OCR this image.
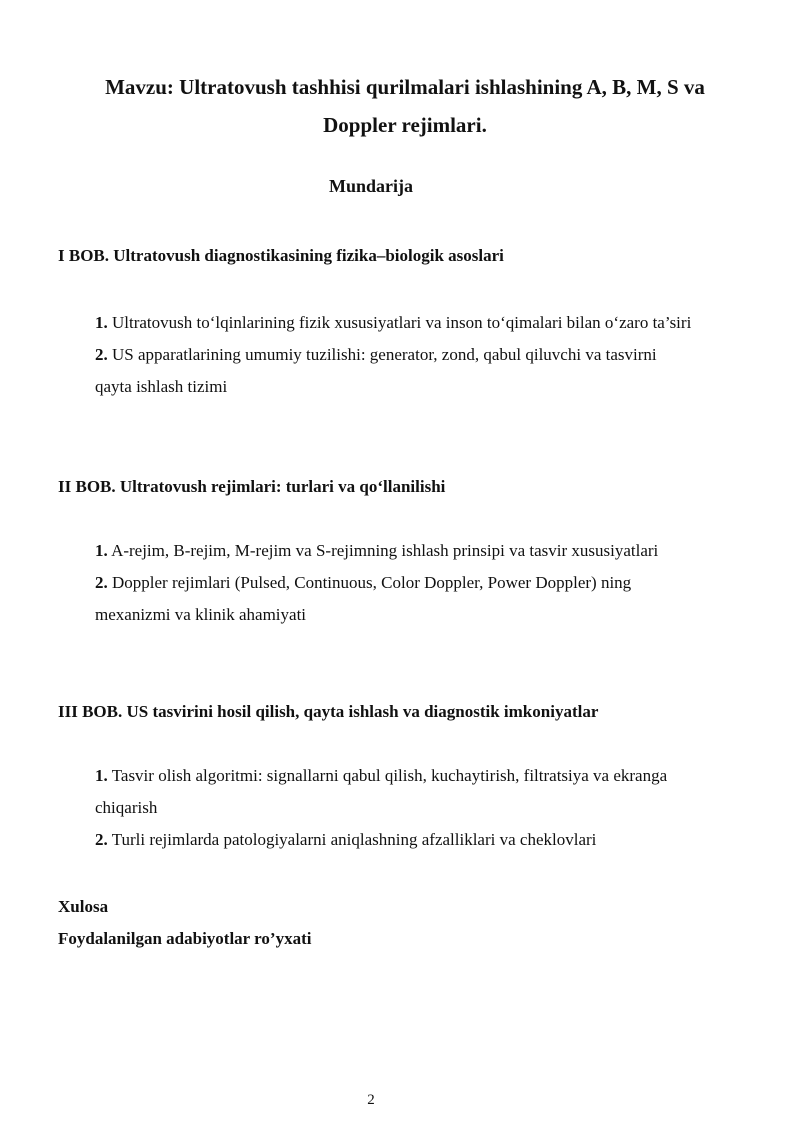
Mavzu: Ultratovush tashhisi qurilmalari ishlashining A, B, M, S va
Doppler rejimlari.
Mundarija
I BOB. Ultratovush diagnostikasining fizika–biologik asoslari

1. Ultratovush to‘lqinlarining fizik xususiyatlari va inson to‘qimalari bilan o‘zaro ta’siri

2. US apparatlarining umumiy tuzilishi: generator, zond, qabul qiluvchi va tasvirni qayta ishlash tizimi

II BOB. Ultratovush rejimlari: turlari va qo‘llanilishi

1. A-rejim, B-rejim, M-rejim va S-rejimning ishlash prinsipi va tasvir xususiyatlari

2. Doppler rejimlari (Pulsed, Continuous, Color Doppler, Power Doppler) ning mexanizmi va klinik ahamiyati

III BOB. US tasvirini hosil qilish, qayta ishlash va diagnostik imkoniyatlar

1. Tasvir olish algoritmi: signallarni qabul qilish, kuchaytirish, filtratsiya va ekranga chiqarish

2. Turli rejimlarda patologiyalarni aniqlashning afzalliklari va cheklovlari

Xulosa
Foydalanilgan adabiyotlar ro’yxati
2
